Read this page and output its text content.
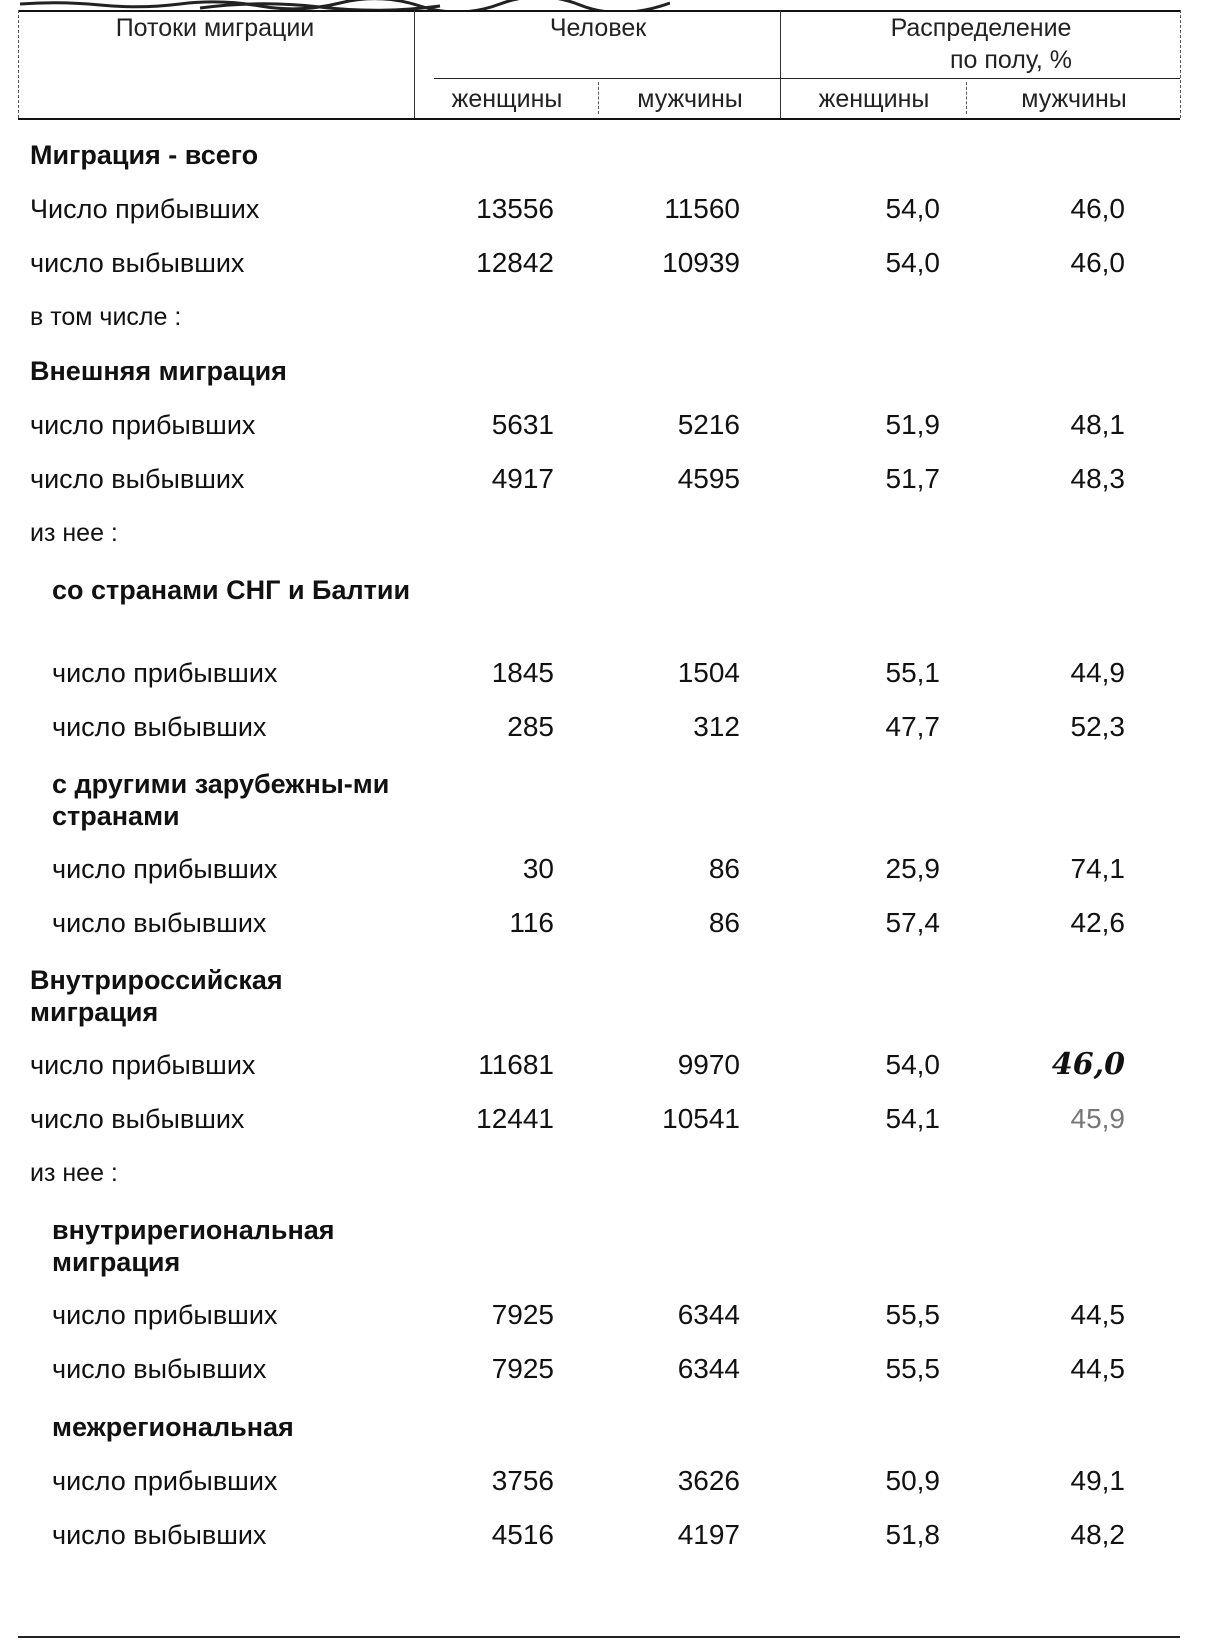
Потоки миграции	Человек	Распределение
по полу, %
женщины	мужчины	женщины	мужчины
Миграция - всего
Число прибывших	13556	11560	54,0	46,0
число выбывших	12842	10939	54,0	46,0
в том числе :
Внешняя миграция
число прибывших	5631	5216	51,9	48,1
число выбывших	4917	4595	51,7	48,3
из нее :
со странами СНГ и Балтии
число прибывших	1845	1504	55,1	44,9
число выбывших	285	312	47,7	52,3
с другими зарубежны-ми странами
число прибывших	30	86	25,9	74,1
число выбывших	116	86	57,4	42,6
Внутрироссийская миграция
число прибывших	11681	9970	54,0	46,0
число выбывших	12441	10541	54,1	45,9
из нее :
внутрирегиональная миграция
число прибывших	7925	6344	55,5	44,5
число выбывших	7925	6344	55,5	44,5
межрегиональная
число прибывших	3756	3626	50,9	49,1
число выбывших	4516	4197	51,8	48,2
